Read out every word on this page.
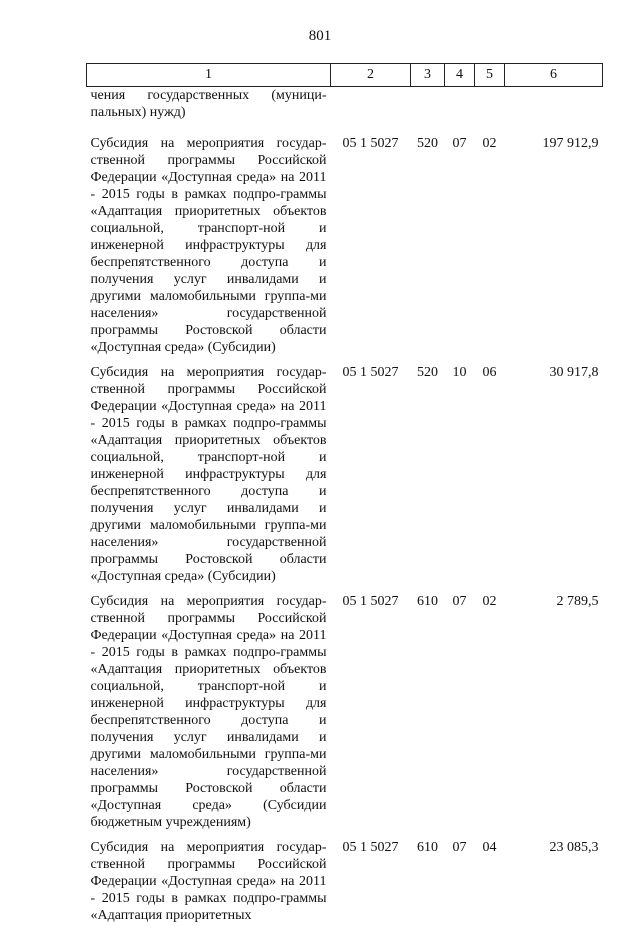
801
1	2	3	4	5	6
чения государственных (муници-пальных) нужд)					
Субсидия на мероприятия государ-ственной программы Российской Федерации «Доступная среда» на 2011 - 2015 годы в рамках подпро-граммы «Адаптация приоритетных объектов социальной, транспорт-ной и инженерной инфраструктуры для беспрепятственного доступа и получения услуг инвалидами и другими маломобильными группа-ми населения» государственной программы Ростовской области «Доступная среда» (Субсидии)	05 1 5027	520	07	02	197 912,9
Субсидия на мероприятия государ-ственной программы Российской Федерации «Доступная среда» на 2011 - 2015 годы в рамках подпро-граммы «Адаптация приоритетных объектов социальной, транспорт-ной и инженерной инфраструктуры для беспрепятственного доступа и получения услуг инвалидами и другими маломобильными группа-ми населения» государственной программы Ростовской области «Доступная среда» (Субсидии)	05 1 5027	520	10	06	30 917,8
Субсидия на мероприятия государ-ственной программы Российской Федерации «Доступная среда» на 2011 - 2015 годы в рамках подпро-граммы «Адаптация приоритетных объектов социальной, транспорт-ной и инженерной инфраструктуры для беспрепятственного доступа и получения услуг инвалидами и другими маломобильными группа-ми населения» государственной программы Ростовской области «Доступная среда» (Субсидии бюджетным учреждениям)	05 1 5027	610	07	02	2 789,5
Субсидия на мероприятия государ-ственной программы Российской Федерации «Доступная среда» на 2011 - 2015 годы в рамках подпро-граммы «Адаптация приоритетных	05 1 5027	610	07	04	23 085,3
